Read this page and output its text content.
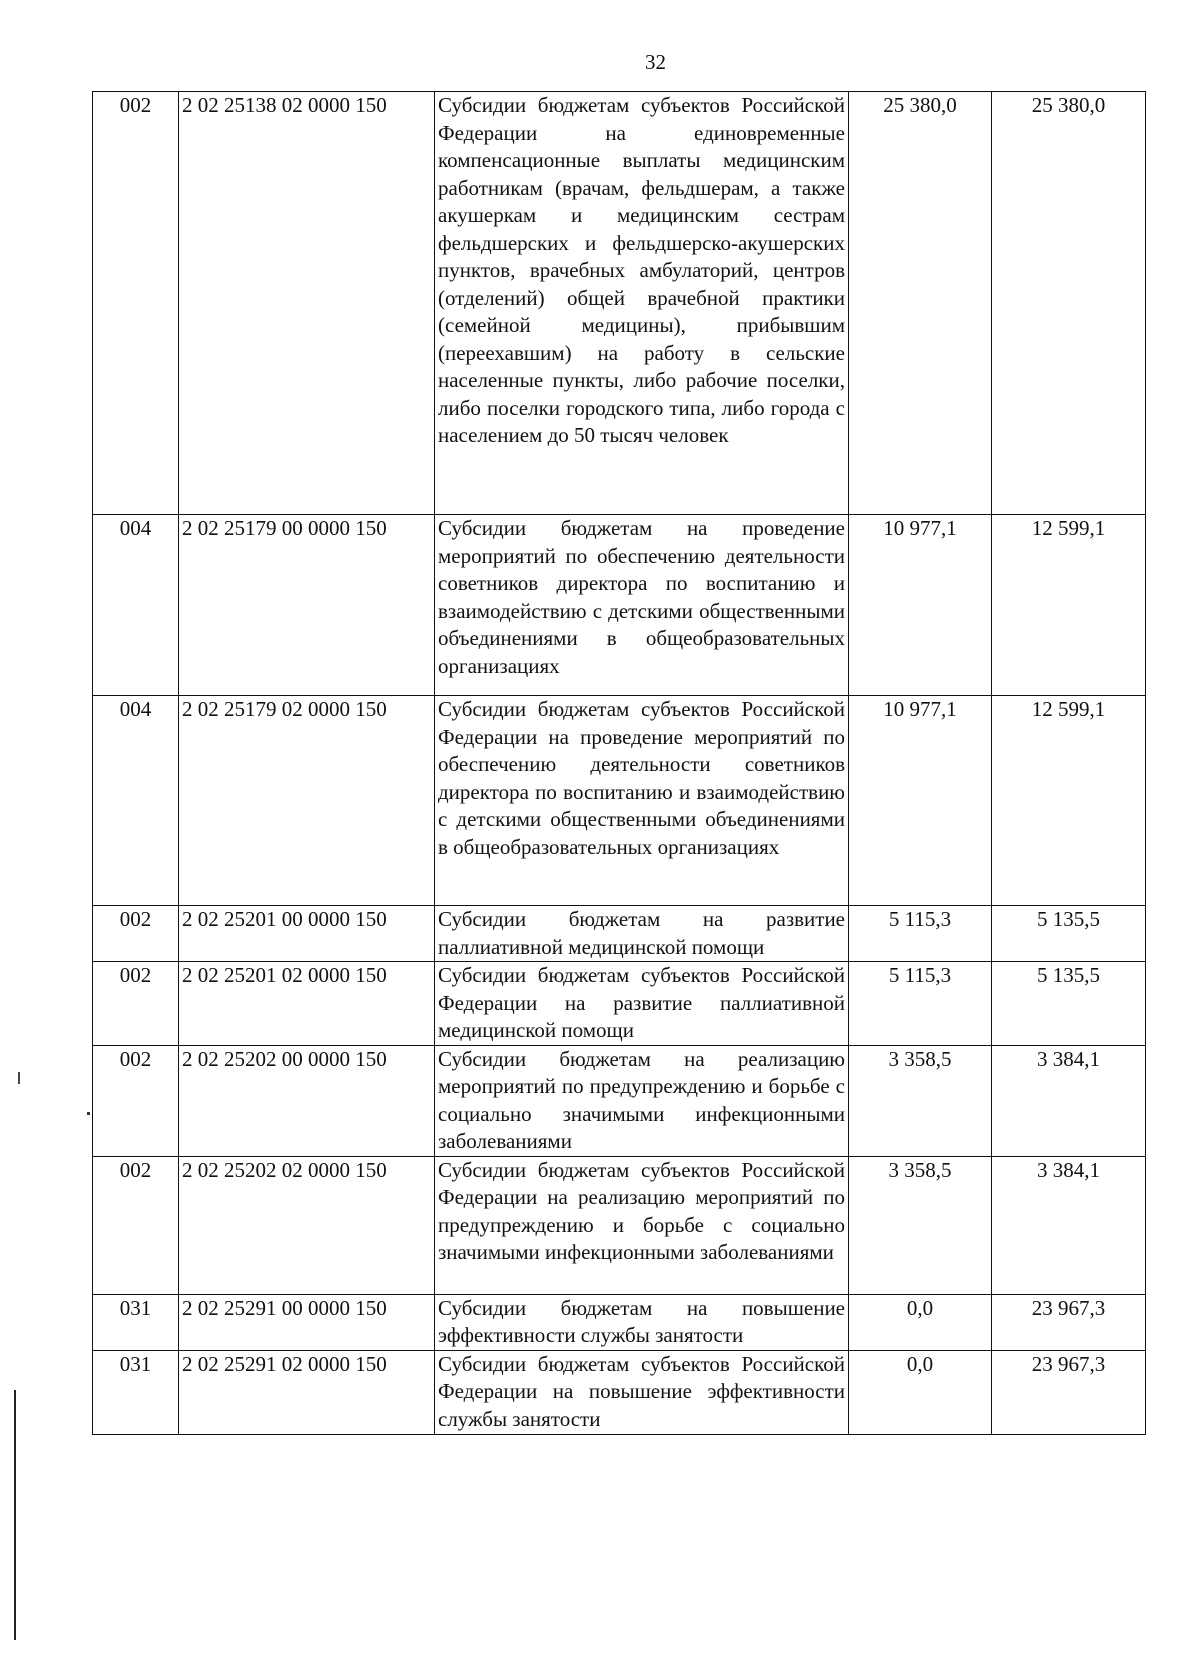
32
002	2 02 25138 02 0000 150	Субсидии бюджетам субъектов Российской Федерации на единовременные компенсационные выплаты медицинским работникам (врачам, фельдшерам, а также акушеркам и медицинским сестрам фельдшерских и фельдшерско-акушерских пунктов, врачебных амбулаторий, центров (отделений) общей врачебной практики (семейной медицины), прибывшим (переехавшим) на работу в сельские населенные пункты, либо рабочие поселки, либо поселки городского типа, либо города с населением до 50 тысяч человек	25 380,0	25 380,0
004	2 02 25179 00 0000 150	Субсидии бюджетам на проведение мероприятий по обеспечению деятельности советников директора по воспитанию и взаимодействию с детскими общественными объединениями в общеобразовательных организациях	10 977,1	12 599,1
004	2 02 25179 02 0000 150	Субсидии бюджетам субъектов Российской Федерации на проведение мероприятий по обеспечению деятельности советников директора по воспитанию и взаимодействию с детскими общественными объединениями в общеобразовательных организациях	10 977,1	12 599,1
002	2 02 25201 00 0000 150	Субсидии бюджетам на развитие паллиативной медицинской помощи	5 115,3	5 135,5
002	2 02 25201 02 0000 150	Субсидии бюджетам субъектов Российской Федерации на развитие паллиативной медицинской помощи	5 115,3	5 135,5
002	2 02 25202 00 0000 150	Субсидии бюджетам на реализацию мероприятий по предупреждению и борьбе с социально значимыми инфекционными заболеваниями	3 358,5	3 384,1
002	2 02 25202 02 0000 150	Субсидии бюджетам субъектов Российской Федерации на реализацию мероприятий по предупреждению и борьбе с социально значимыми инфекционными заболеваниями	3 358,5	3 384,1
031	2 02 25291 00 0000 150	Субсидии бюджетам на повышение эффективности службы занятости	0,0	23 967,3
031	2 02 25291 02 0000 150	Субсидии бюджетам субъектов Российской Федерации на повышение эффективности службы занятости	0,0	23 967,3
